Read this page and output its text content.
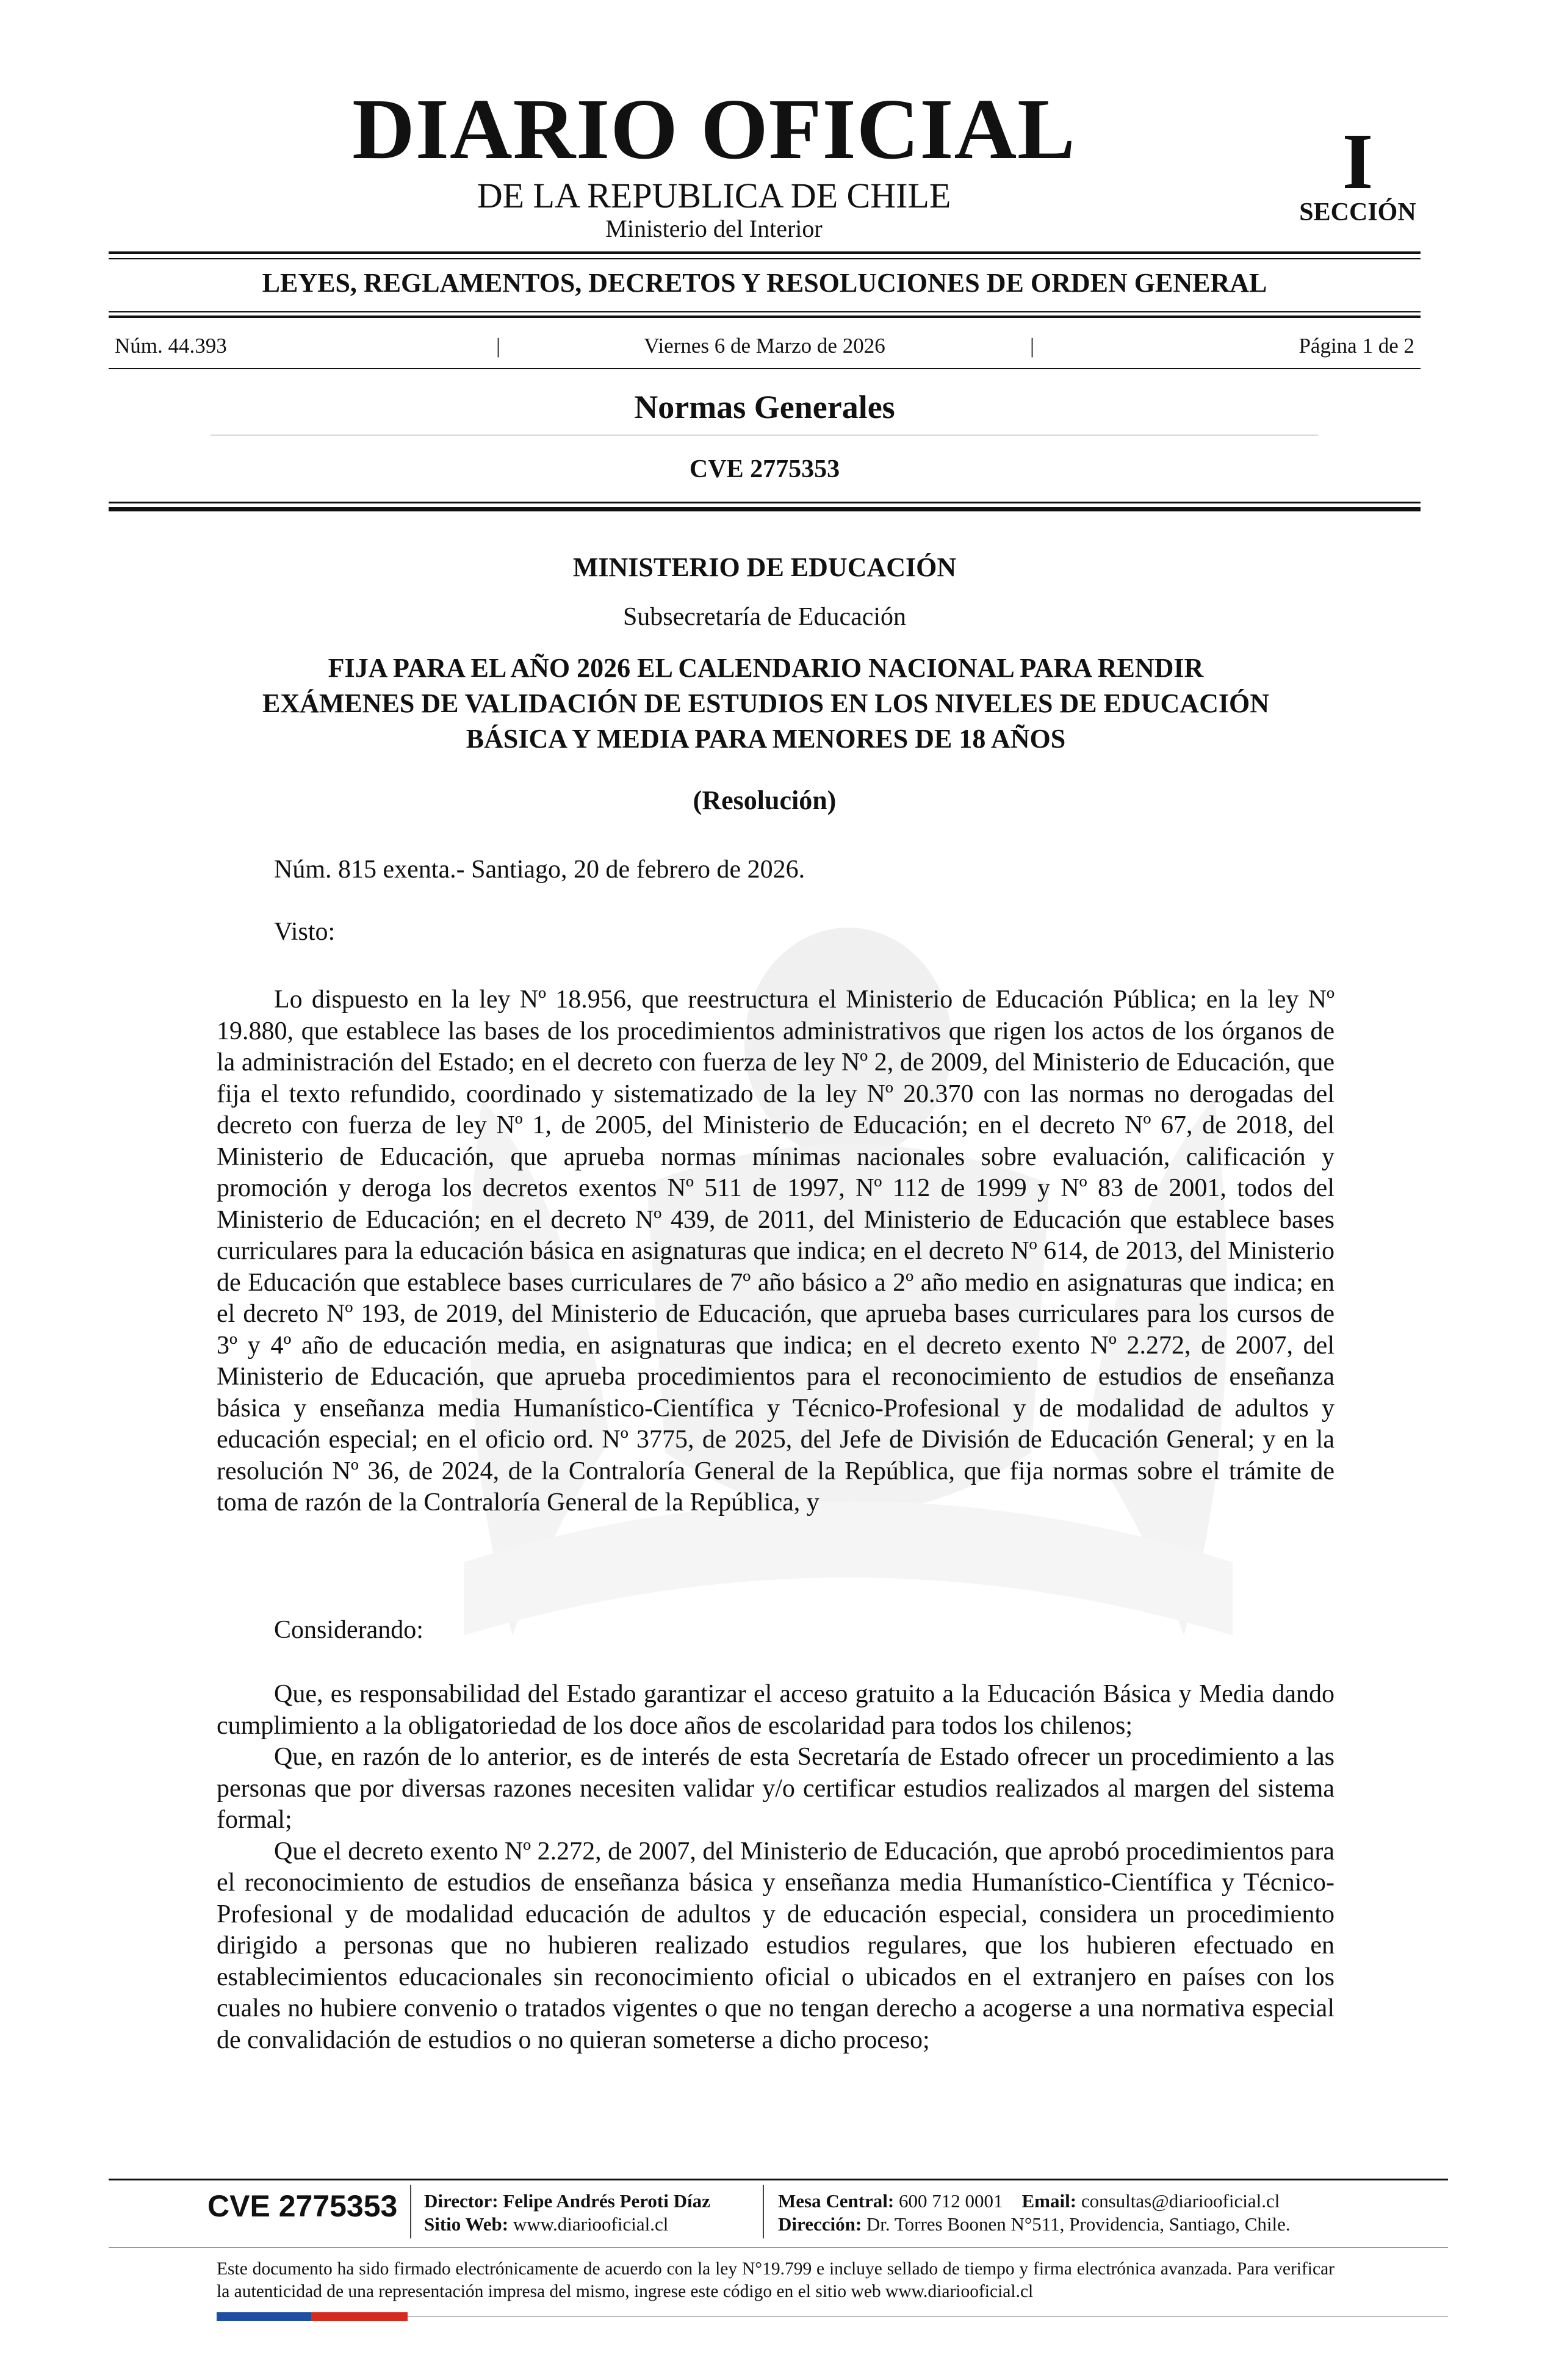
DIARIO OFICIAL
DE LA REPUBLICA DE CHILE
Ministerio del Interior
I
SECCIÓN
LEYES, REGLAMENTOS, DECRETOS Y RESOLUCIONES DE ORDEN GENERAL
Núm. 44.393	|	Viernes 6 de Marzo de 2026	|	Página 1 de 2
Normas Generales
CVE 2775353
MINISTERIO DE EDUCACIÓN
Subsecretaría de Educación
FIJA PARA EL AÑO 2026 EL CALENDARIO NACIONAL PARA RENDIR
EXÁMENES DE VALIDACIÓN DE ESTUDIOS EN LOS NIVELES DE EDUCACIÓN
BÁSICA Y MEDIA PARA MENORES DE 18 AÑOS
(Resolución)
Núm. 815 exenta.- Santiago, 20 de febrero de 2026.
Visto:

Lo dispuesto en la ley Nº 18.956, que reestructura el Ministerio de Educación Pública; en la ley Nº 19.880, que establece las bases de los procedimientos administrativos que rigen los actos de los órganos de la administración del Estado; en el decreto con fuerza de ley Nº 2, de 2009, del Ministerio de Educación, que fija el texto refundido, coordinado y sistematizado de la ley Nº 20.370 con las normas no derogadas del decreto con fuerza de ley Nº 1, de 2005, del Ministerio de Educación; en el decreto Nº 67, de 2018, del Ministerio de Educación, que aprueba normas mínimas nacionales sobre evaluación, calificación y promoción y deroga los decretos exentos Nº 511 de 1997, Nº 112 de 1999 y Nº 83 de 2001, todos del Ministerio de Educación; en el decreto Nº 439, de 2011, del Ministerio de Educación que establece bases curriculares para la educación básica en asignaturas que indica; en el decreto Nº 614, de 2013, del Ministerio de Educación que establece bases curriculares de 7º año básico a 2º año medio en asignaturas que indica; en el decreto Nº 193, de 2019, del Ministerio de Educación, que aprueba bases curriculares para los cursos de 3º y 4º año de educación media, en asignaturas que indica; en el decreto exento Nº 2.272, de 2007, del Ministerio de Educación, que aprueba procedimientos para el reconocimiento de estudios de enseñanza básica y enseñanza media Humanístico-Científica y Técnico-Profesional y de modalidad de adultos y educación especial; en el oficio ord. Nº 3775, de 2025, del Jefe de División de Educación General; y en la resolución Nº 36, de 2024, de la Contraloría General de la República, que fija normas sobre el trámite de toma de razón de la Contraloría General de la República, y

Considerando:

Que, es responsabilidad del Estado garantizar el acceso gratuito a la Educación Básica y Media dando cumplimiento a la obligatoriedad de los doce años de escolaridad para todos los chilenos;

Que, en razón de lo anterior, es de interés de esta Secretaría de Estado ofrecer un procedimiento a las personas que por diversas razones necesiten validar y/o certificar estudios realizados al margen del sistema formal;

Que el decreto exento Nº 2.272, de 2007, del Ministerio de Educación, que aprobó procedimientos para el reconocimiento de estudios de enseñanza básica y enseñanza media Humanístico-Científica y Técnico-Profesional y de modalidad educación de adultos y de educación especial, considera un procedimiento dirigido a personas que no hubieren realizado estudios regulares, que los hubieren efectuado en establecimientos educacionales sin reconocimiento oficial o ubicados en el extranjero en países con los cuales no hubiere convenio o tratados vigentes o que no tengan derecho a acogerse a una normativa especial de convalidación de estudios o no quieran someterse a dicho proceso;

CVE 2775353 Director: Felipe Andrés Peroti Díaz
Sitio Web: www.diariooficial.cl
Mesa Central: 600 712 0001 Email: consultas@diariooficial.cl
Dirección: Dr. Torres Boonen N°511, Providencia, Santiago, Chile.

Este documento ha sido firmado electrónicamente de acuerdo con la ley N°19.799 e incluye sellado de tiempo y firma electrónica avanzada. Para verificar la autenticidad de una representación impresa del mismo, ingrese este código en el sitio web www.diariooficial.cl
